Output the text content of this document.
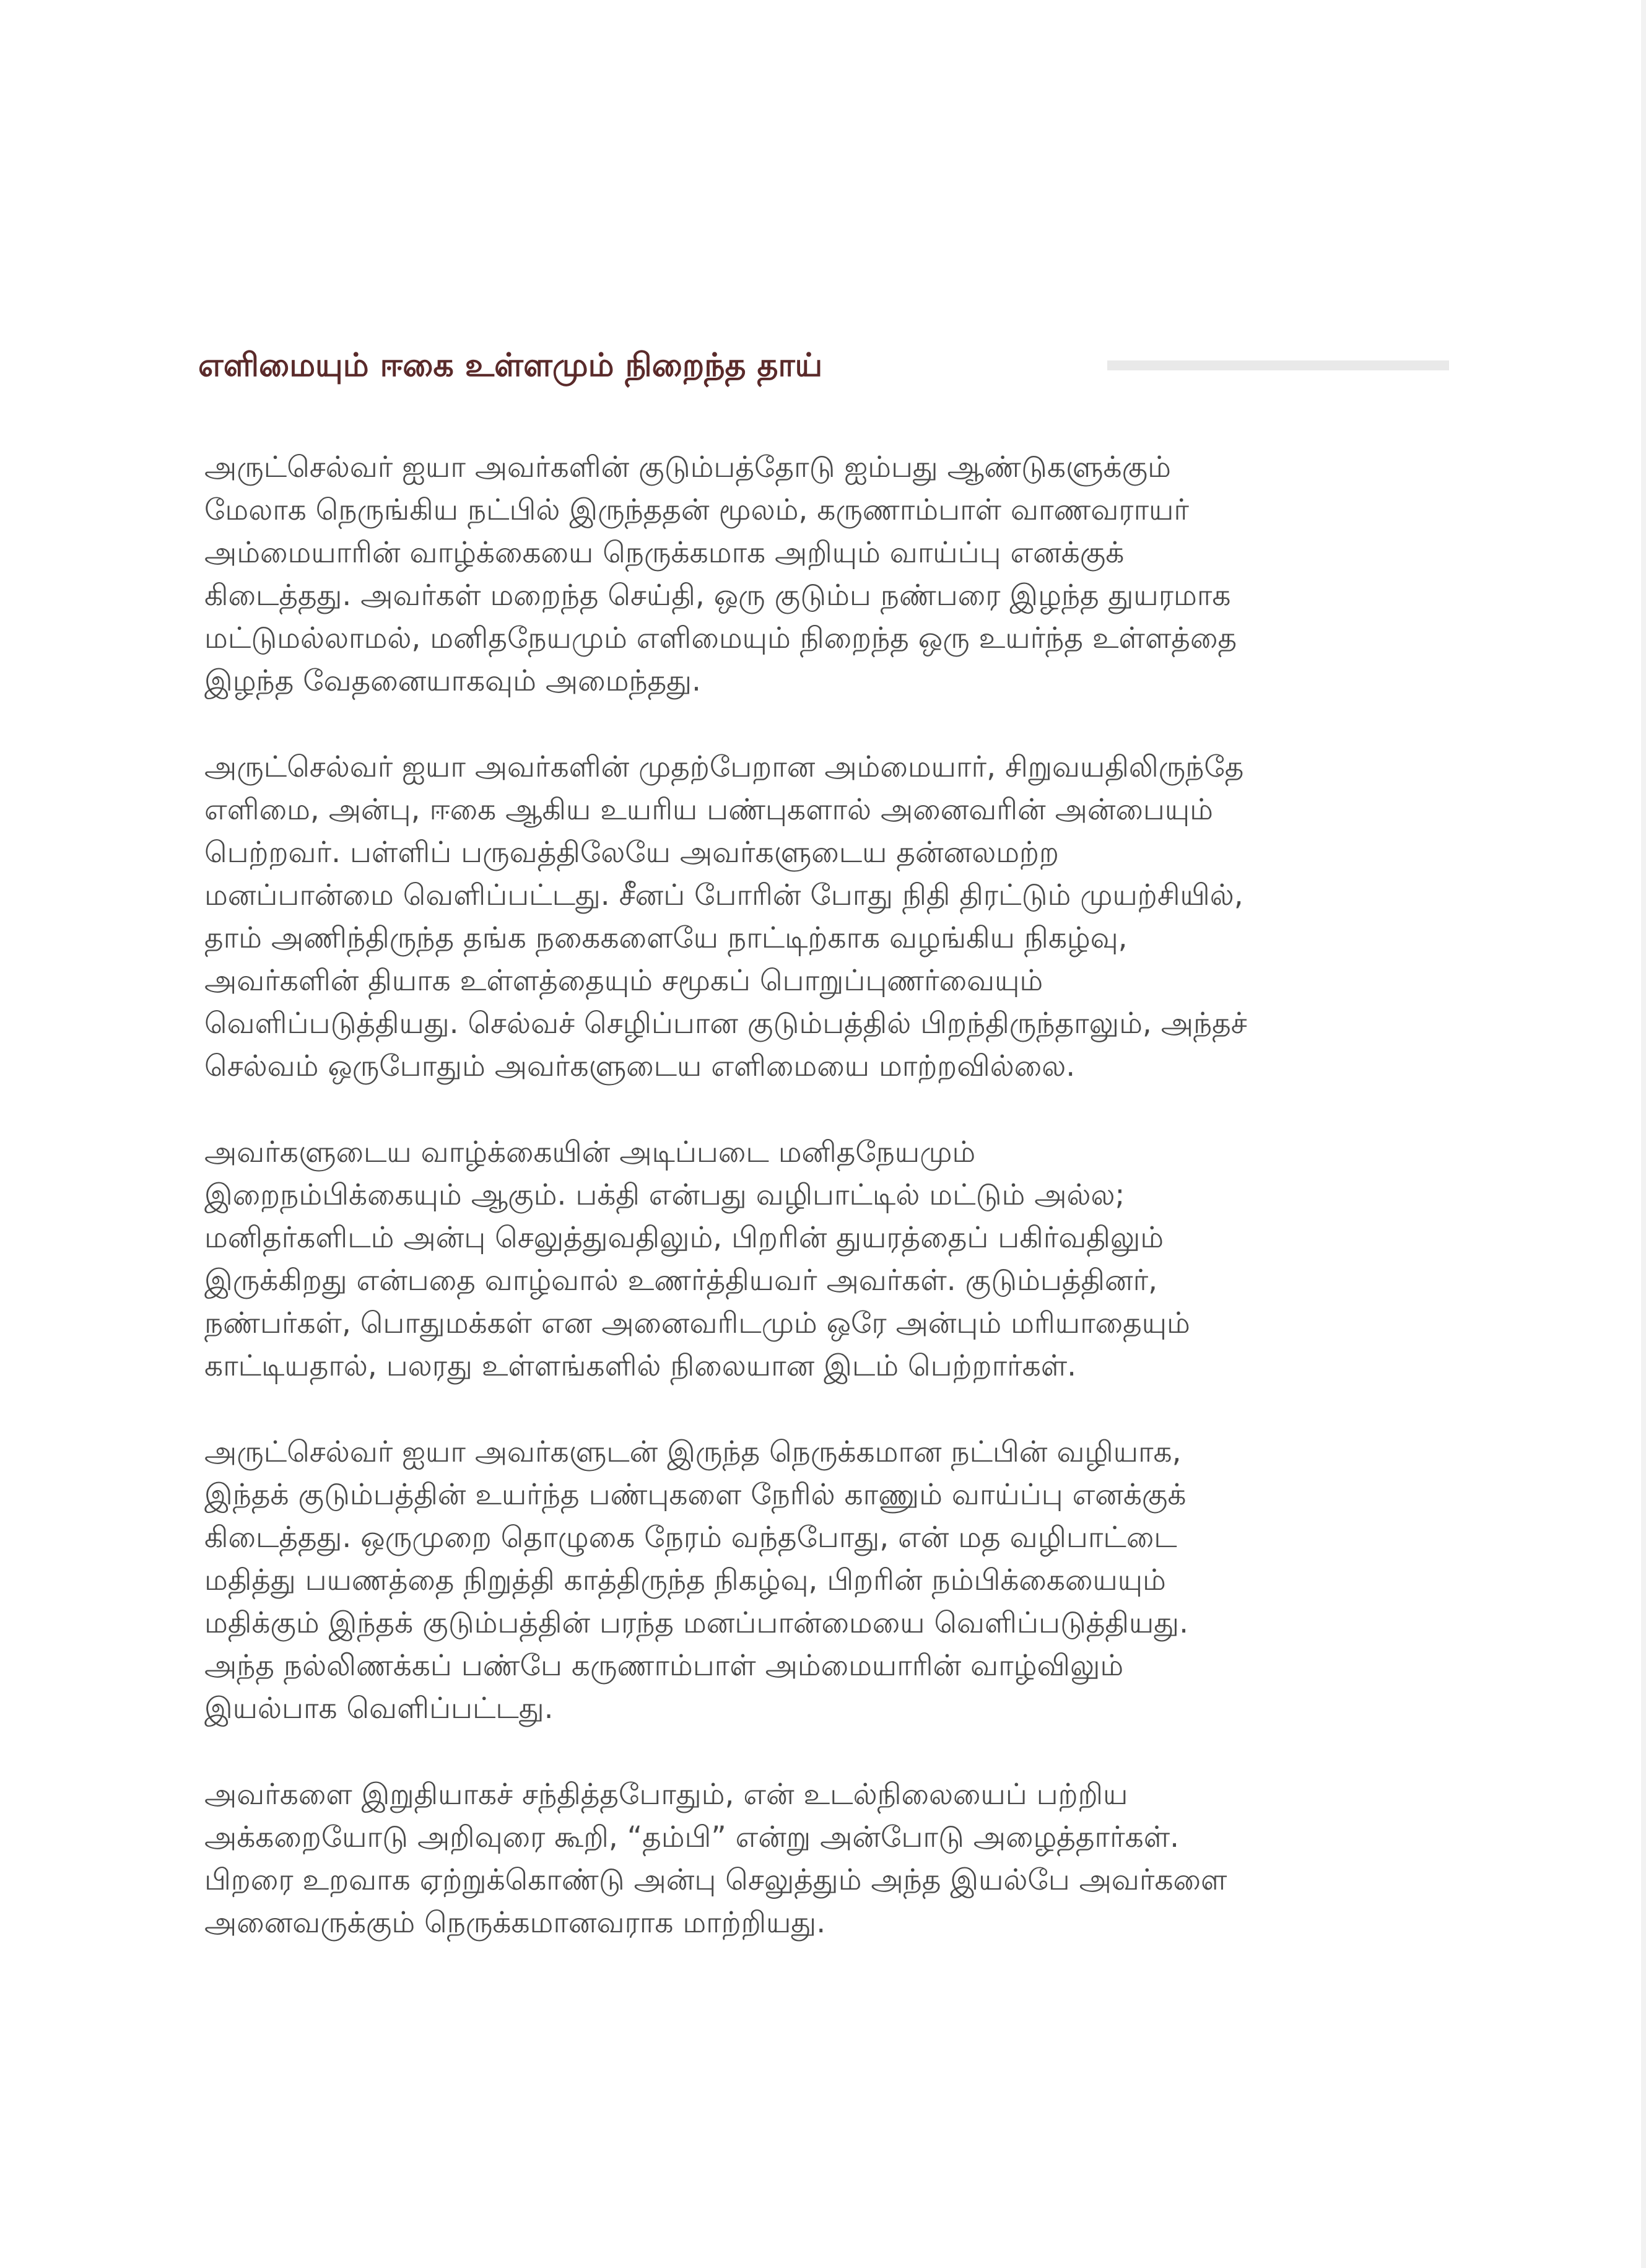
எளிமையும் ஈகை உள்ளமும் நிறைந்த தாய்

அருட்செல்வர் ஐயா அவர்களின் குடும்பத்தோடு ஐம்பது ஆண்டுகளுக்கும்
மேலாக நெருங்கிய நட்பில் இருந்ததன் மூலம், கருணாம்பாள் வாணவராயர்
அம்மையாரின் வாழ்க்கையை நெருக்கமாக அறியும் வாய்ப்பு எனக்குக்
கிடைத்தது. அவர்கள் மறைந்த செய்தி, ஒரு குடும்ப நண்பரை இழந்த துயரமாக
மட்டுமல்லாமல், மனிதநேயமும் எளிமையும் நிறைந்த ஒரு உயர்ந்த உள்ளத்தை
இழந்த வேதனையாகவும் அமைந்தது.

அருட்செல்வர் ஐயா அவர்களின் முதற்பேறான அம்மையார், சிறுவயதிலிருந்தே
எளிமை, அன்பு, ஈகை ஆகிய உயரிய பண்புகளால் அனைவரின் அன்பையும்
பெற்றவர். பள்ளிப் பருவத்திலேயே அவர்களுடைய தன்னலமற்ற
மனப்பான்மை வெளிப்பட்டது. சீனப் போரின் போது நிதி திரட்டும் முயற்சியில்,
தாம் அணிந்திருந்த தங்க நகைகளையே நாட்டிற்காக வழங்கிய நிகழ்வு,
அவர்களின் தியாக உள்ளத்தையும் சமூகப் பொறுப்புணர்வையும்
வெளிப்படுத்தியது. செல்வச் செழிப்பான குடும்பத்தில் பிறந்திருந்தாலும், அந்தச்
செல்வம் ஒருபோதும் அவர்களுடைய எளிமையை மாற்றவில்லை.

அவர்களுடைய வாழ்க்கையின் அடிப்படை மனிதநேயமும்
இறைநம்பிக்கையும் ஆகும். பக்தி என்பது வழிபாட்டில் மட்டும் அல்ல;
மனிதர்களிடம் அன்பு செலுத்துவதிலும், பிறரின் துயரத்தைப் பகிர்வதிலும்
இருக்கிறது என்பதை வாழ்வால் உணர்த்தியவர் அவர்கள். குடும்பத்தினர்,
நண்பர்கள், பொதுமக்கள் என அனைவரிடமும் ஒரே அன்பும் மரியாதையும்
காட்டியதால், பலரது உள்ளங்களில் நிலையான இடம் பெற்றார்கள்.

அருட்செல்வர் ஐயா அவர்களுடன் இருந்த நெருக்கமான நட்பின் வழியாக,
இந்தக் குடும்பத்தின் உயர்ந்த பண்புகளை நேரில் காணும் வாய்ப்பு எனக்குக்
கிடைத்தது. ஒருமுறை தொழுகை நேரம் வந்தபோது, என் மத வழிபாட்டை
மதித்து பயணத்தை நிறுத்தி காத்திருந்த நிகழ்வு, பிறரின் நம்பிக்கையையும்
மதிக்கும் இந்தக் குடும்பத்தின் பரந்த மனப்பான்மையை வெளிப்படுத்தியது.
அந்த நல்லிணக்கப் பண்பே கருணாம்பாள் அம்மையாரின் வாழ்விலும்
இயல்பாக வெளிப்பட்டது.

அவர்களை இறுதியாகச் சந்தித்தபோதும், என் உடல்நிலையைப் பற்றிய
அக்கறையோடு அறிவுரை கூறி, “தம்பி” என்று அன்போடு அழைத்தார்கள்.
பிறரை உறவாக ஏற்றுக்கொண்டு அன்பு செலுத்தும் அந்த இயல்பே அவர்களை
அனைவருக்கும் நெருக்கமானவராக மாற்றியது.
